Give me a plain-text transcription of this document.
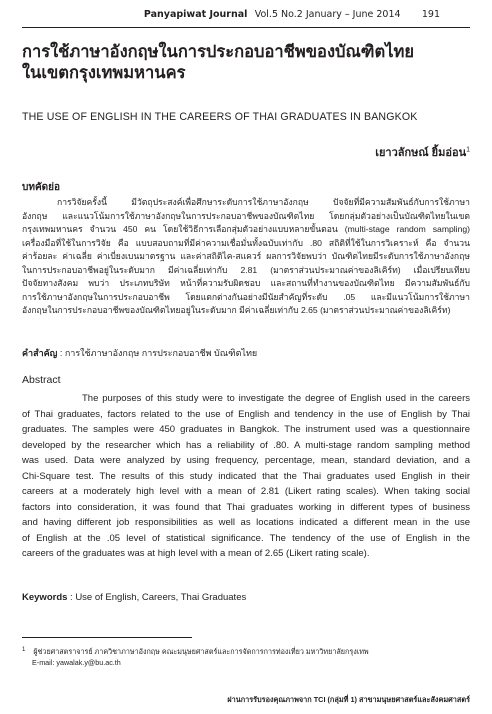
Panyapiwat Journal Vol.5 No.2 January – June 2014 191
การใช้ภาษาอังกฤษในการประกอบอาชีพของบัณฑิตไทย
ในเขตกรุงเทพมหานคร
THE USE OF ENGLISH IN THE CAREERS OF THAI GRADUATES IN BANGKOK
เยาวลักษณ์ ยิ้มอ่อน$^1$
บทคัดย่อ
การวิจัยครั้งนี้ มีวัตถุประสงค์เพื่อศึกษาระดับการใช้ภาษาอังกฤษ ปัจจัยที่มีความสัมพันธ์กับการใช้ภาษา
อังกฤษ และแนวโน้มการใช้ภาษาอังกฤษในการประกอบอาชีพของบัณฑิตไทย โดยกลุ่มตัวอย่างเป็นบัณฑิตไทยในเขต
กรุงเทพมหานคร จำนวน 450 คน โดยใช้วิธีการเลือกสุ่มตัวอย่างแบบหลายขั้นตอน (multi-stage random sampling)
เครื่องมือที่ใช้ในการวิจัย คือ แบบสอบถามที่มีค่าความเชื่อมั่นทั้งฉบับเท่ากับ .80 สถิติที่ใช้ในการวิเคราะห์ คือ จำนวน
ค่าร้อยละ ค่าเฉลี่ย ค่าเบี่ยงเบนมาตรฐาน และค่าสถิติไค-สแควร์ ผลการวิจัยพบว่า บัณฑิตไทยมีระดับการใช้ภาษาอังกฤษ
ในการประกอบอาชีพอยู่ในระดับมาก มีค่าเฉลี่ยเท่ากับ 2.81 (มาตราส่วนประมาณค่าของลิเคิร์ท) เมื่อเปรียบเทียบ
ปัจจัยทางสังคม พบว่า ประเภทบริษัท หน้าที่ความรับผิดชอบ และสถานที่ทำงานของบัณฑิตไทย มีความสัมพันธ์กับ
การใช้ภาษาอังกฤษในการประกอบอาชีพ โดยแตกต่างกันอย่างมีนัยสำคัญที่ระดับ .05 และมีแนวโน้มการใช้ภาษา
อังกฤษในการประกอบอาชีพของบัณฑิตไทยอยู่ในระดับมาก มีค่าเฉลี่ยเท่ากับ 2.65 (มาตราส่วนประมาณค่าของลิเคิร์ท)
คำสำคัญ : การใช้ภาษาอังกฤษ การประกอบอาชีพ บัณฑิตไทย
Abstract
The purposes of this study were to investigate the degree of English used in the careers
of Thai graduates, factors related to the use of English and tendency in the use of English by Thai
graduates. The samples were 450 graduates in Bangkok. The instrument used was a questionnaire
developed by the researcher which has a reliability of .80. A multi-stage random sampling method
was used. Data were analyzed by using frequency, percentage, mean, standard deviation, and a
Chi-Square test. The results of this study indicated that the Thai graduates used English in their
careers at a moderately high level with a mean of 2.81 (Likert rating scales). When taking social
factors into consideration, it was found that Thai graduates working in different types of business
and having different job responsibilities as well as locations indicated a different mean in the use
of English at the .05 level of statistical significance. The tendency of the use of English in the
careers of the graduates was at high level with a mean of 2.65 (Likert rating scale).
Keywords : Use of English, Careers, Thai Graduates
$^1$ ผู้ช่วยศาสตราจารย์ ภาควิชาภาษาอังกฤษ คณะมนุษยศาสตร์และการจัดการการท่องเที่ยว มหาวิทยาลัยกรุงเทพ
E-mail: yawalak.y@bu.ac.th
ผ่านการรับรองคุณภาพจาก TCI (กลุ่มที่ 1) สาขามนุษยศาสตร์และสังคมศาสตร์
